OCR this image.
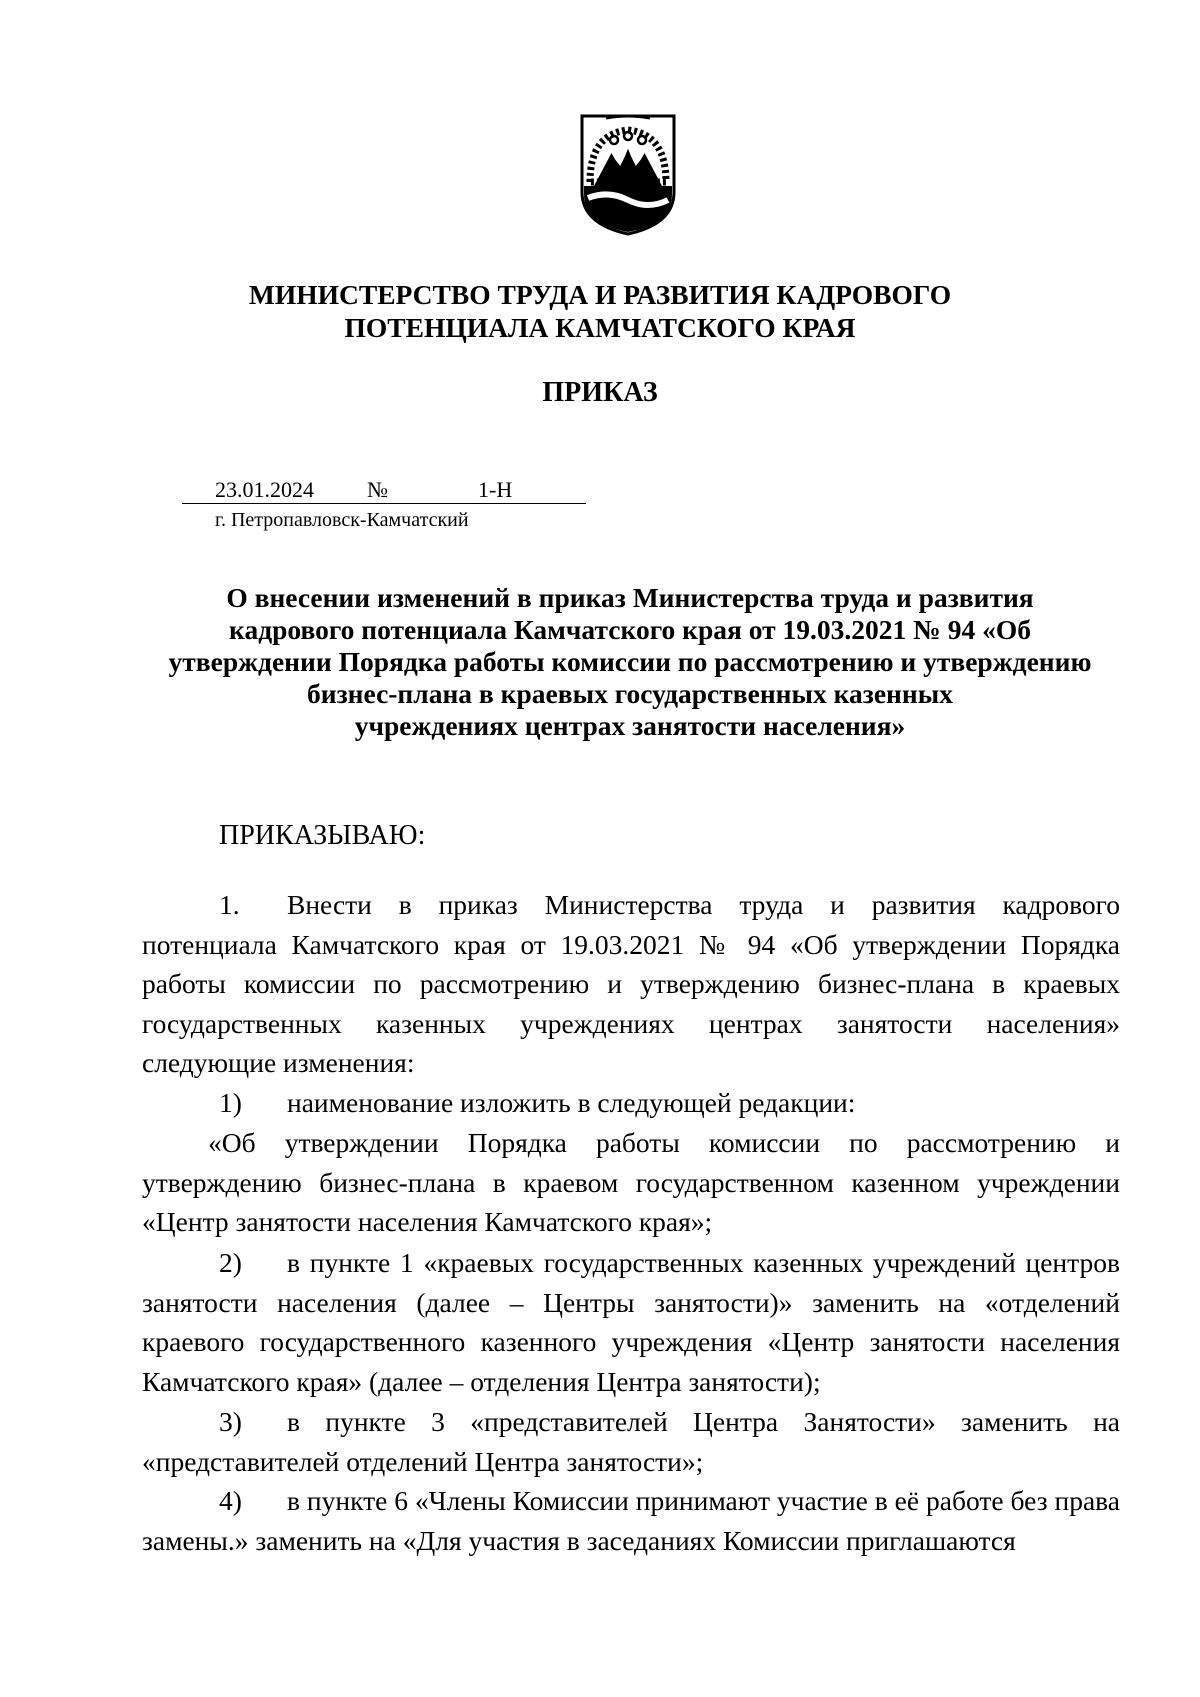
МИНИСТЕРСТВО ТРУДА И РАЗВИТИЯ КАДРОВОГО
ПОТЕНЦИАЛА КАМЧАТСКОГО КРАЯ
ПРИКАЗ
23.01.2024 №	1-Н
г. Петропавловск-Камчатский
О внесении изменений в приказ Министерства труда и развития
кадрового потенциала Камчатского края от 19.03.2021 № 94 «Об
утверждении Порядка работы комиссии по рассмотрению и утверждению
бизнес-плана в краевых государственных казенных
учреждениях центрах занятости населения»
ПРИКАЗЫВАЮ:
1. Внести в приказ Министерства труда и развития кадрового потенциала Камчатского края от 19.03.2021 № 94 «Об утверждении Порядка работы комиссии по рассмотрению и утверждению бизнес-плана в краевых государственных казенных учреждениях центрах занятости населения» следующие изменения:
1) наименование изложить в следующей редакции:
«Об утверждении Порядка работы комиссии по рассмотрению и утверждению бизнес-плана в краевом государственном казенном учреждении «Центр занятости населения Камчатского края»;
2) в пункте 1 «краевых государственных казенных учреждений центров занятости населения (далее – Центры занятости)» заменить на «отделений краевого государственного казенного учреждения «Центр занятости населения Камчатского края» (далее – отделения Центра занятости);
3) в пункте 3 «представителей Центра Занятости» заменить на «представителей отделений Центра занятости»;
4) в пункте 6 «Члены Комиссии принимают участие в её работе без права замены.» заменить на «Для участия в заседаниях Комиссии приглашаются
